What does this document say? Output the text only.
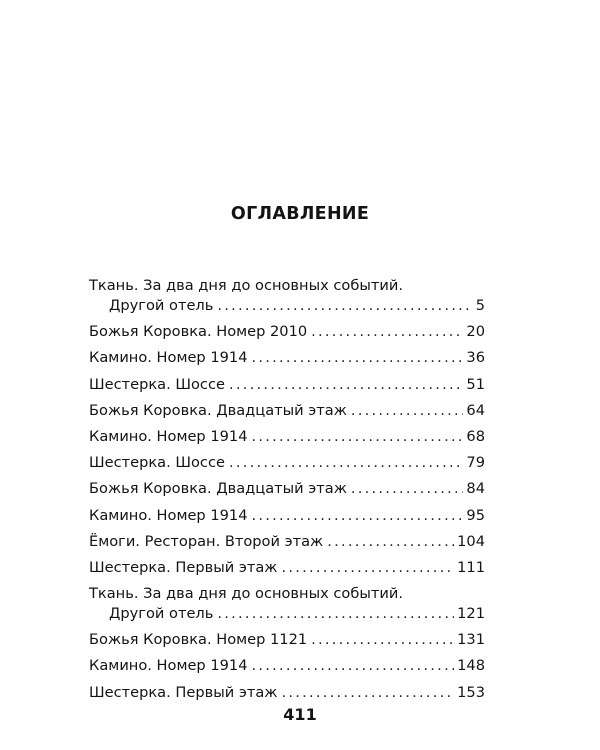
ОГЛАВЛЕНИЕ
Ткань. За два дня до основных событий.
Другой отель . . .	5
Божья Коровка. Номер 2010 . . .	20
Камино. Номер 1914 . . .	36
Шестерка. Шоссе . . .	51
Божья Коровка. Двадцатый этаж . . .	64
Камино. Номер 1914 . . .	68
Шестерка. Шоссе . . .	79
Божья Коровка. Двадцатый этаж . . .	84
Камино. Номер 1914 . . .	95
Ёмоги. Ресторан. Второй этаж . . .	104
Шестерка. Первый этаж . . .	111
Ткань. За два дня до основных событий.
Другой отель . . .	121
Божья Коровка. Номер 1121 . . .	131
Камино. Номер 1914 . . .	148
Шестерка. Первый этаж . . .	153
411
